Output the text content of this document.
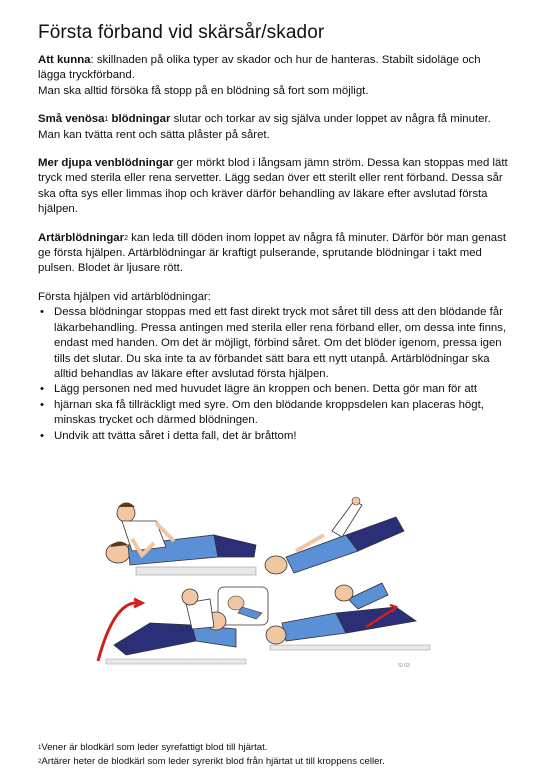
Första förband vid skärsår/skador

Att kunna: skillnaden på olika typer av skador och hur de hanteras. Stabilt sidoläge och lägga tryckförband.

Man ska alltid försöka få stopp på en blödning så fort som möjligt.

Små venösa$^1$ blödningar slutar och torkar av sig själva under loppet av några få minuter. Man kan tvätta rent och sätta plåster på såret.

Mer djupa venblödningar ger mörkt blod i långsam jämn ström. Dessa kan stoppas med lätt tryck med sterila eller rena servetter. Lägg sedan över ett sterilt eller rent förband. Dessa sår ska ofta sys eller limmas ihop och kräver därför behandling av läkare efter avslutad första hjälpen.

Artärblödningar$^2$ kan leda till döden inom loppet av några få minuter. Därför bör man genast ge första hjälpen. Artärblödningar är kraftigt pulserande, sprutande blödningar i takt med pulsen. Blodet är ljusare rött.

Första hjälpen vid artärblödningar:

• Dessa blödningar stoppas med ett fast direkt tryck mot såret till dess att den blödande får läkarbehandling. Pressa antingen med sterila eller rena förband eller, om dessa inte finns, endast med handen. Om det är möjligt, förbind såret. Om det blöder igenom, pressa igen tills det slutar. Du ska inte ta av förbandet sätt bara ett nytt utanpå. Artärblödningar ska alltid behandlas av läkare efter avslutad första hjälpen.
• Lägg personen ned med huvudet lägre än kroppen och benen. Detta gör man för att
• hjärnan ska få tillräckligt med syre. Om den blödande kroppsdelen kan placeras högt, minskas trycket och därmed blödningen.
• Undvik att tvätta såret i detta fall, det är bråttom!
SI 03

$^1$Vener är blodkärl som leder syrefattigt blod till hjärtat.

$^2$Artärer heter de blodkärl som leder syrerikt blod från hjärtat ut till kroppens celler.
